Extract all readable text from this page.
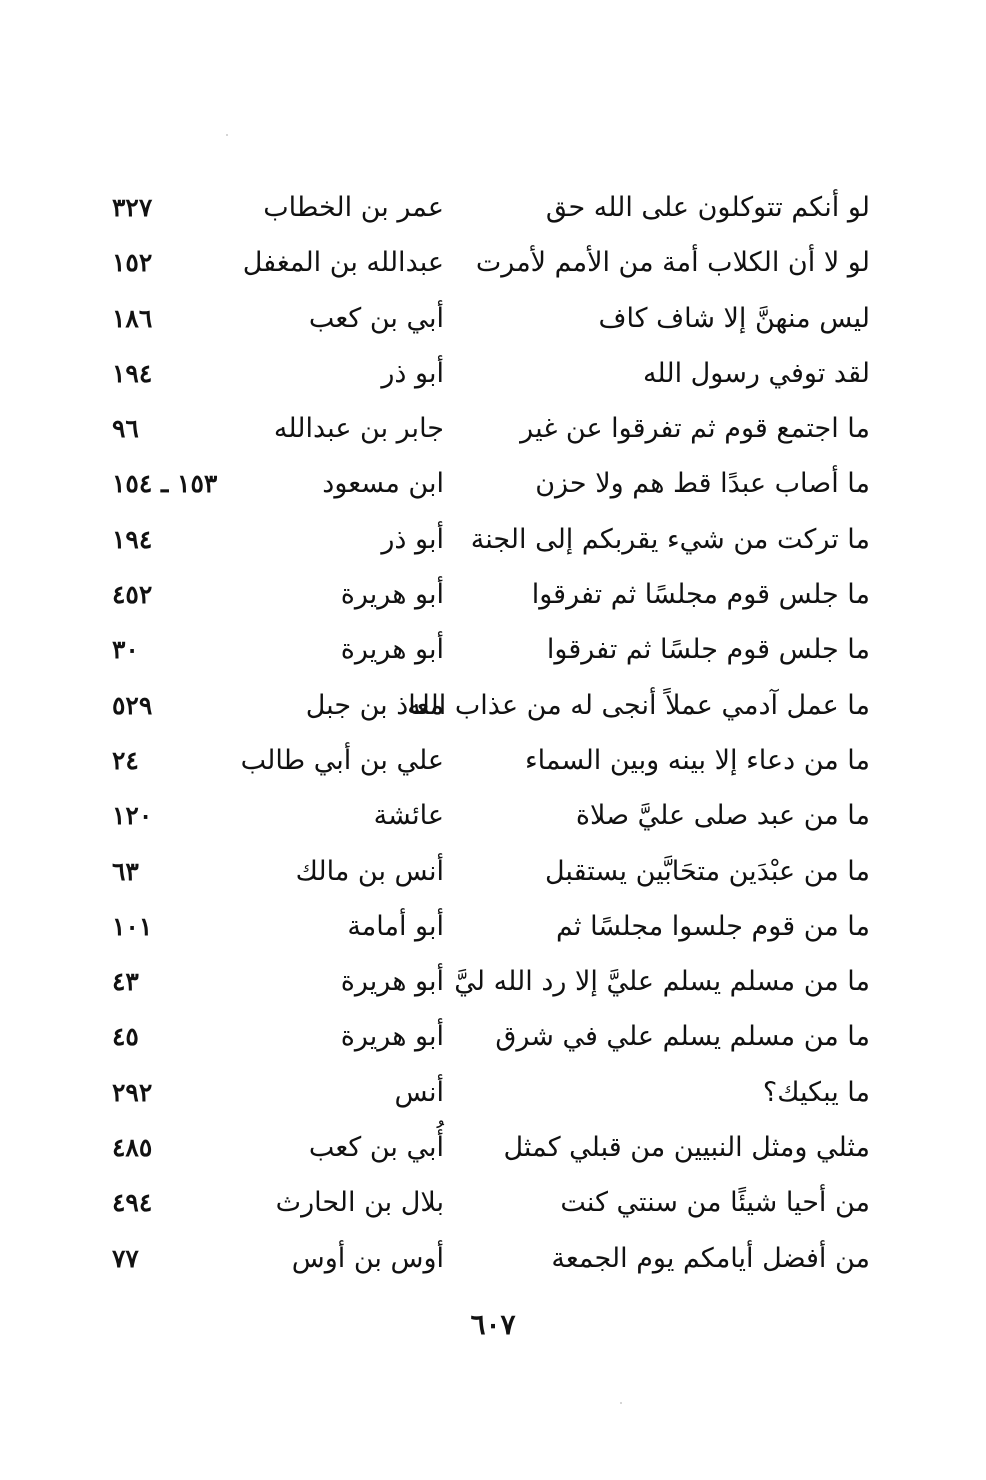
لو أنكم تتوكلون على الله حق
عمر بن الخطاب
٣٢٧
لو لا أن الكلاب أمة من الأمم لأمرت
عبدالله بن المغفل
١٥٢
ليس منهنَّ إلا شاف كاف
أبي بن كعب
١٨٦
لقد توفي رسول الله
أبو ذر
١٩٤
ما اجتمع قوم ثم تفرقوا عن غير
جابر بن عبدالله
٩٦
ما أصاب عبدًا قط هم ولا حزن
ابن مسعود
١٥٣ ـ ١٥٤
ما تركت من شيء يقربكم إلى الجنة
أبو ذر
١٩٤
ما جلس قوم مجلسًا ثم تفرقوا
أبو هريرة
٤٥٢
ما جلس قوم جلسًا ثم تفرقوا
أبو هريرة
٣٠
ما عمل آدمي عملاً أنجى له من عذاب الله
معاذ بن جبل
٥٢٩
ما من دعاء إلا بينه وبين السماء
علي بن أبي طالب
٢٤
ما من عبد صلى عليَّ صلاة
عائشة
١٢٠
ما من عبْدَين متحَابَّين يستقبل
أنس بن مالك
٦٣
ما من قوم جلسوا مجلسًا ثم
أبو أمامة
١٠١
ما من مسلم يسلم عليَّ إلا رد الله ليَّ
أبو هريرة
٤٣
ما من مسلم يسلم علي في شرق
أبو هريرة
٤٥
ما يبكيك؟
أنس
٢٩٢
مثلي ومثل النبيين من قبلي كمثل
أُبي بن كعب
٤٨٥
من أحيا شيئًا من سنتي كنت
بلال بن الحارث
٤٩٤
من أفضل أيامكم يوم الجمعة
أوس بن أوس
٧٧
٦٠٧
